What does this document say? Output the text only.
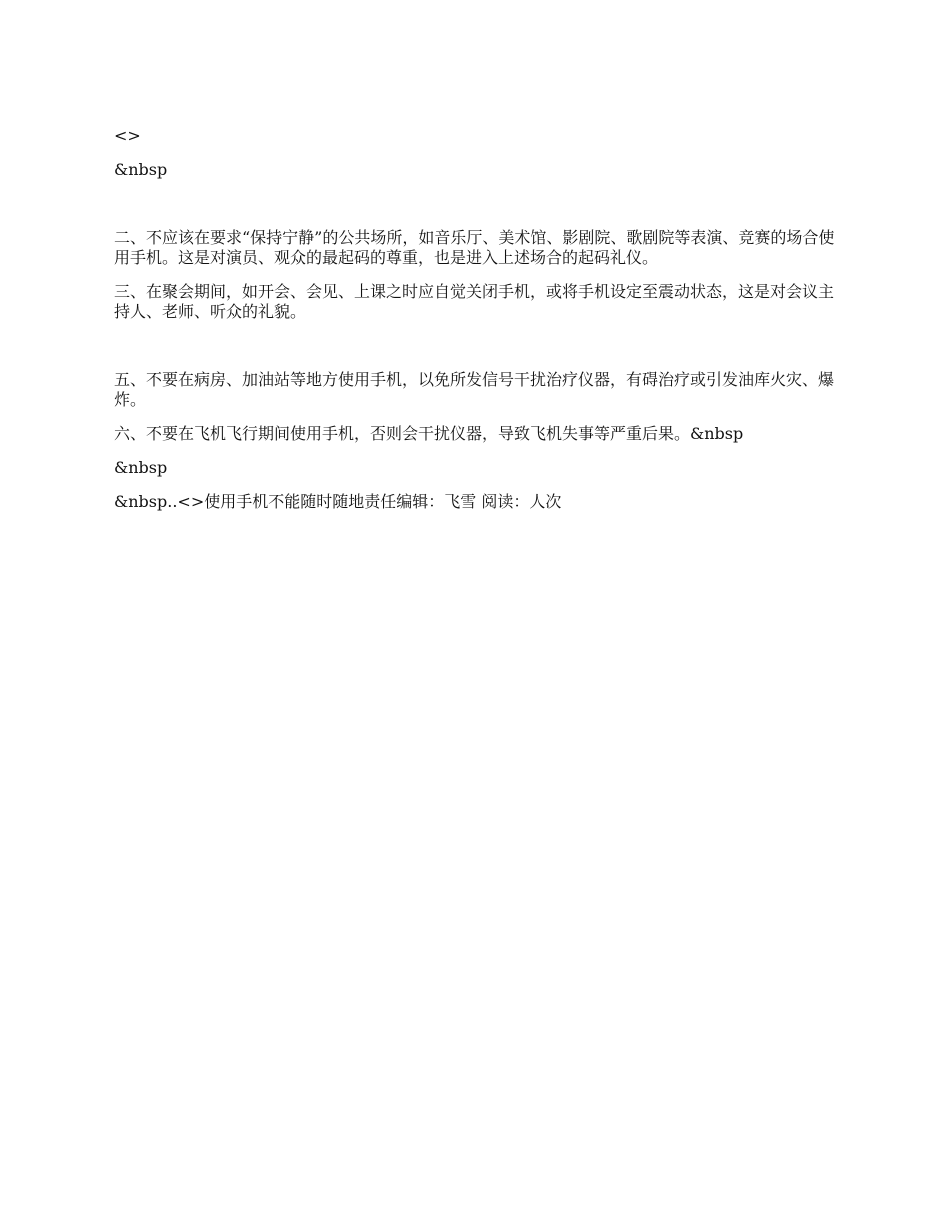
<>

&nbsp

二、不应该在要求“保持宁静”的公共场所，如音乐厅、美术馆、影剧院、歌剧院等表演、竞赛的场合使用手机。这是对演员、观众的最起码的尊重，也是进入上述场合的起码礼仪。

三、在聚会期间，如开会、会见、上课之时应自觉关闭手机，或将手机设定至震动状态，这是对会议主持人、老师、听众的礼貌。

五、不要在病房、加油站等地方使用手机，以免所发信号干扰治疗仪器，有碍治疗或引发油库火灾、爆炸。

六、不要在飞机飞行期间使用手机，否则会干扰仪器，导致飞机失事等严重后果。&nbsp

&nbsp

&nbsp..<>使用手机不能随时随地责任编辑：飞雪 阅读：人次
